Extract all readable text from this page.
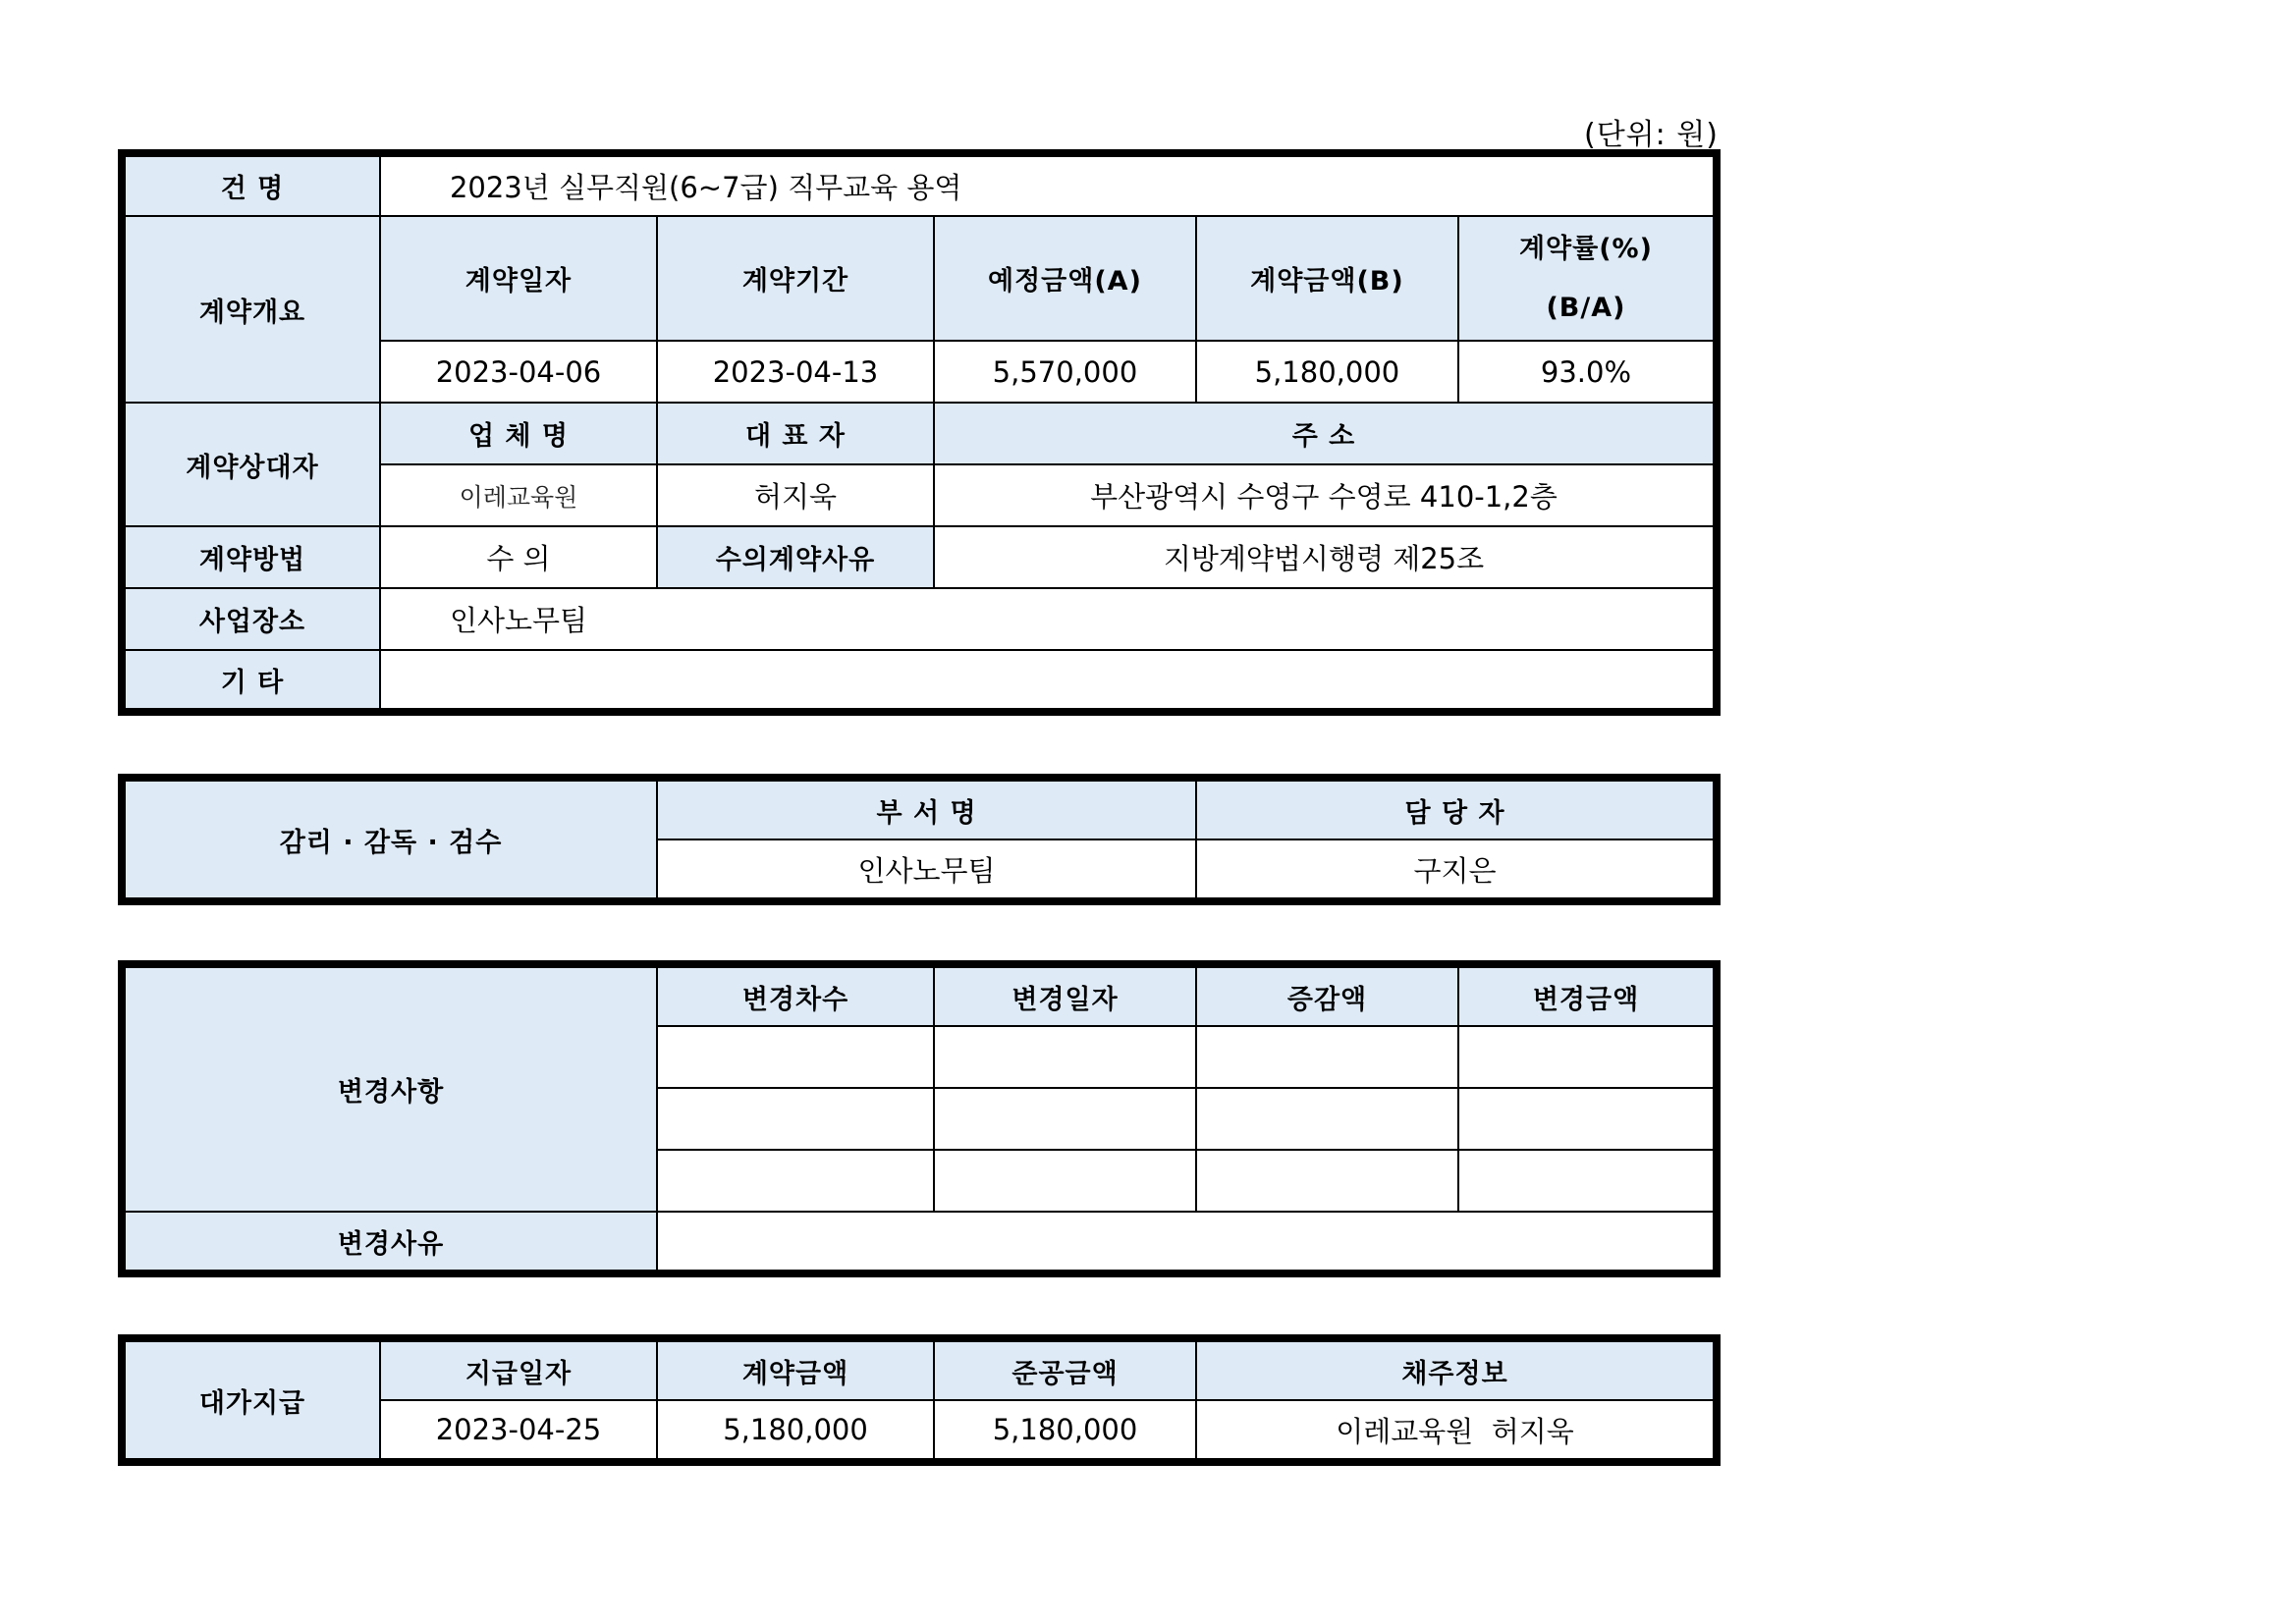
(단위: 원)
건 명	2023년 실무직원(6~7급) 직무교육 용역				
계약개요	계약일자	계약기간	예정금액(A)	계약금액(B)	계약률(%)
(B/A)

	2023-04-06	2023-04-13	5,570,000	5,180,000	93.0%
계약상대자	업 체 명	대 표 자	주 소		
	이레교육원	허지욱	부산광역시 수영구 수영로 410-1,2층		
계약방법	수 의	수의계약사유	지방계약법시행령 제25조		
사업장소	인사노무팀				
기 타					
감리 · 감독 · 검수	부 서 명	담 당 자
	인사노무팀	구지은
변경사항	변경차수	변경일자	증감액	변경금액

변경사유				
대가지급	지급일자	계약금액	준공금액	채주정보
	2023-04-25	5,180,000	5,180,000	이레교육원  허지욱
